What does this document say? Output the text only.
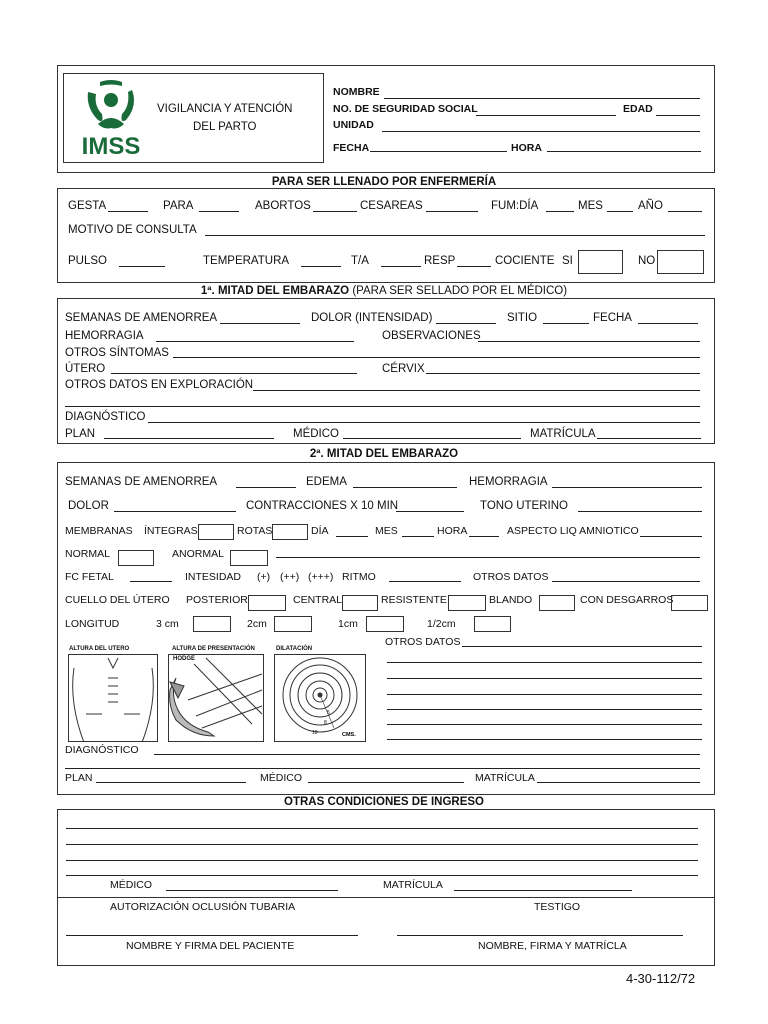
IMSS
VIGILANCIA Y ATENCIÓN
DEL PARTO
NOMBRE
NO. DE SEGURIDAD SOCIAL	EDAD
UNIDAD
FECHA	HORA
PARA SER LLENADO POR ENFERMERÍA
GESTA	PARA	ABORTOS	CESAREAS	FUM:DÍA	MES	AÑO
MOTIVO DE CONSULTA
PULSO	TEMPERATURA	T/A	RESP	COCIENTE SI	NO
1ª. MITAD DEL EMBARAZO (PARA SER SELLADO POR EL MÉDICO)
SEMANAS DE AMENORREA	DOLOR (INTENSIDAD)	SITIO	FECHA
HEMORRAGIA	OBSERVACIONES
OTROS SÍNTOMAS
ÚTERO	CÉRVIX
OTROS DATOS EN EXPLORACIÓN
DIAGNÓSTICO
PLAN	MÉDICO	MATRÍCULA
2ª. MITAD DEL EMBARAZO
SEMANAS DE AMENORREA	EDEMA	HEMORRAGIA
DOLOR	CONTRACCIONES X 10 MIN	TONO UTERINO
MEMBRANAS ÍNTEGRAS	ROTAS	DÍA	MES	HORA	ASPECTO LIQ AMNIOTICO
NORMAL	ANORMAL
FC FETAL	INTESIDAD (+) (++) (+++) RITMO	OTROS DATOS
CUELLO DEL ÚTERO POSTERIOR	CENTRAL	RESISTENTE	BLANDO	CON DESGARROS
LONGITUD	3 cm	2cm	1cm	1/2cm
ALTURA DEL UTERO	ALTURA DE PRESENTACIÓN
HODGE
DILATACIÓN
8
5
10	CMS.
OTROS DATOS
DIAGNÓSTICO
PLAN	MÉDICO	MATRÍCULA
OTRAS CONDICIONES DE INGRESO
MÉDICO	MATRÍCULA
AUTORIZACIÓN OCLUSIÓN TUBARIA	TESTIGO
NOMBRE Y FIRMA DEL PACIENTE	NOMBRE, FIRMA Y MATRÍCLA
4-30-112/72
